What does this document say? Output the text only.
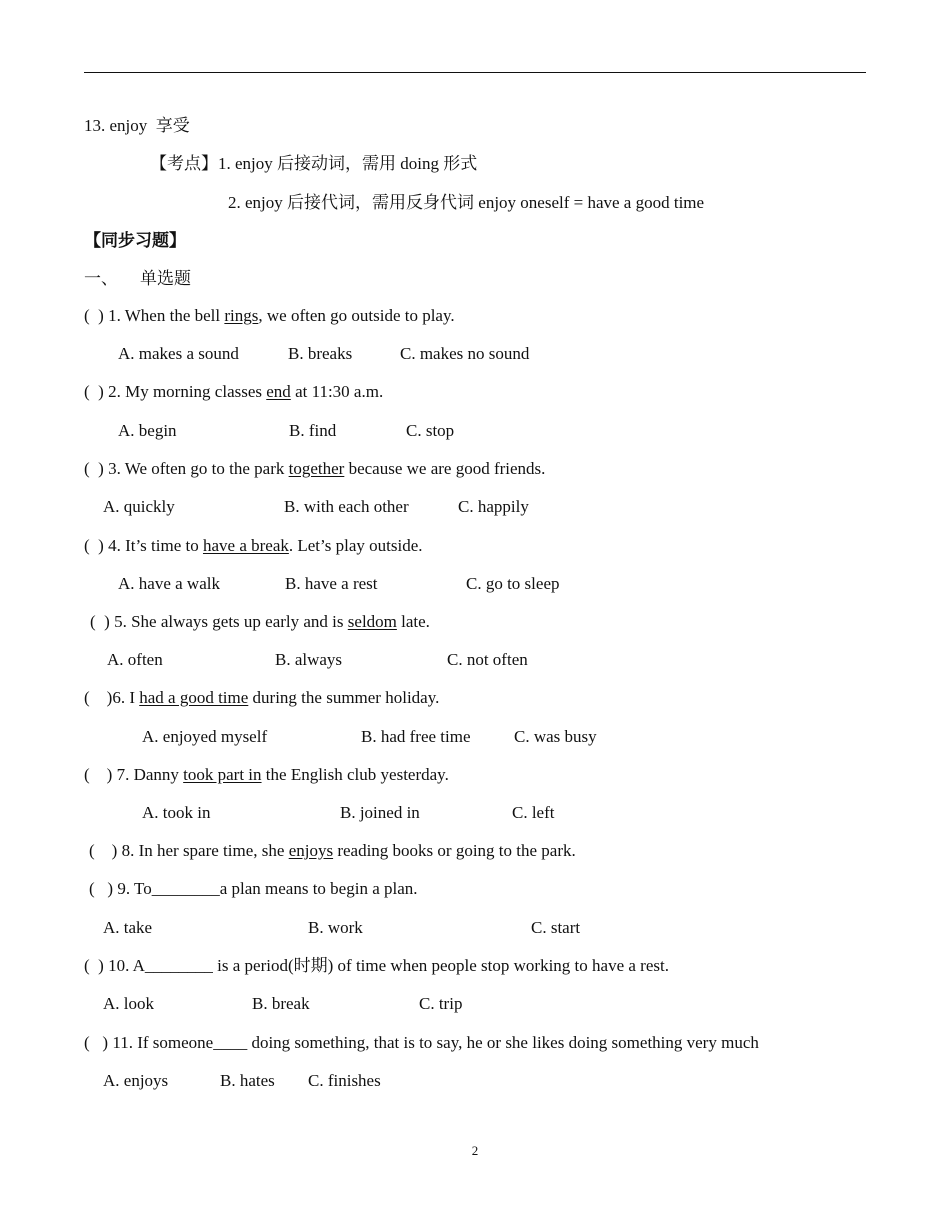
13. enjoy  享受
【考点】1. enjoy 后接动词，需用 doing 形式
2. enjoy 后接代词，需用反身代词 enjoy oneself = have a good time
【同步习题】
一、 单选题
(  ) 1. When the bell rings, we often go outside to play.
A. makes a sound	B. breaks	C. makes no sound
(  ) 2. My morning classes end at 11:30 a.m.
A. begin	B. find	C. stop
(  ) 3. We often go to the park together because we are good friends.
A. quickly	B. with each other	C. happily
(  ) 4. It’s time to have a break. Let’s play outside.
A. have a walk	B. have a rest	C. go to sleep
(  ) 5. She always gets up early and is seldom late.
A. often	B. always	C. not often
(    )6. I had a good time during the summer holiday.
A. enjoyed myself	B. had free time	C. was busy
(    ) 7. Danny took part in the English club yesterday.
A. took in	B. joined in	C. left
(    ) 8. In her spare time, she enjoys reading books or going to the park.
(   ) 9. To________a plan means to begin a plan.
A. take	B. work	C. start
(  ) 10. A________ is a period(时期) of time when people stop working to have a rest.
A. look	B. break	C. trip
(   ) 11. If someone____ doing something, that is to say, he or she likes doing something very much
A. enjoys	B. hates C. finishes
2
